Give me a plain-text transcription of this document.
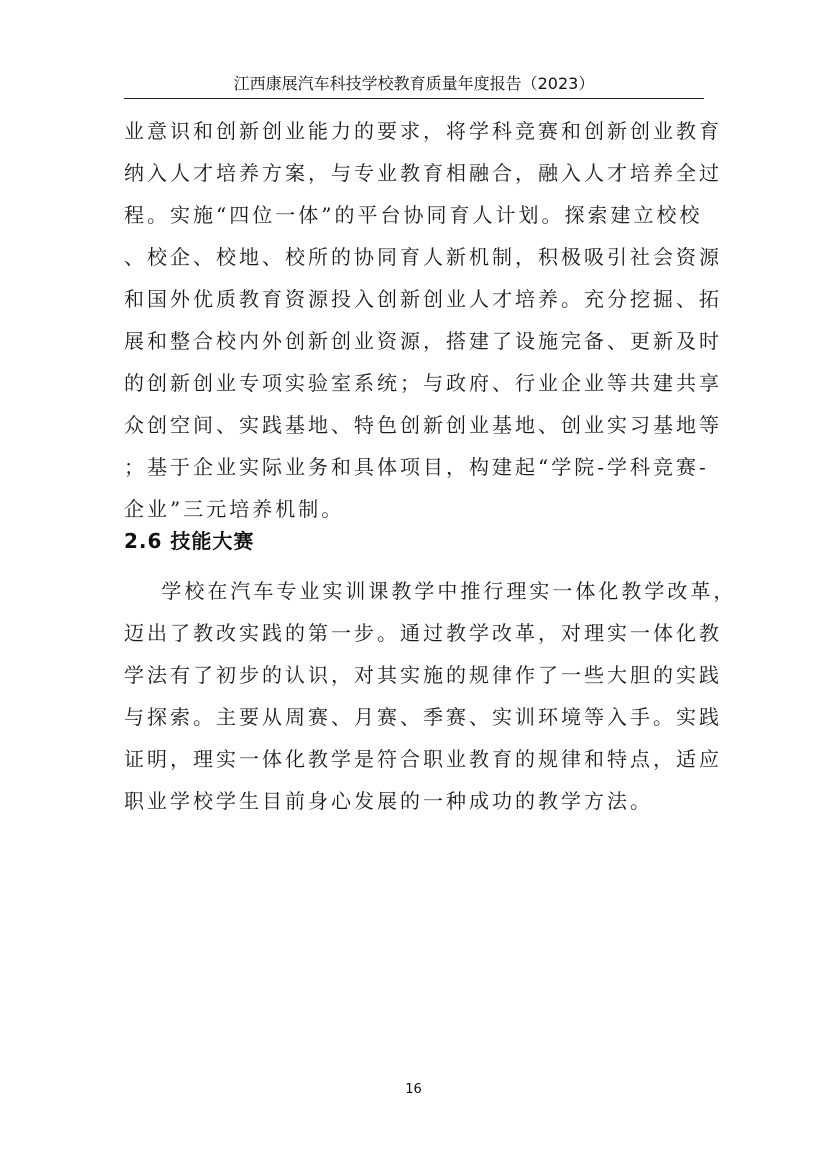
江西康展汽车科技学校教育质量年度报告（2023）
业意识和创新创业能力的要求，将学科竞赛和创新创业教育
纳入人才培养方案，与专业教育相融合，融入人才培养全过
程。实施“四位一体”的平台协同育人计划。探索建立校校
、校企、校地、校所的协同育人新机制，积极吸引社会资源
和国外优质教育资源投入创新创业人才培养。充分挖掘、拓
展和整合校内外创新创业资源，搭建了设施完备、更新及时
的创新创业专项实验室系统；与政府、行业企业等共建共享
众创空间、实践基地、特色创新创业基地、创业实习基地等
；基于企业实际业务和具体项目，构建起“学院-学科竞赛-
企业”三元培养机制。
2.6 技能大赛
学校在汽车专业实训课教学中推行理实一体化教学改革，
迈出了教改实践的第一步。通过教学改革，对理实一体化教
学法有了初步的认识，对其实施的规律作了一些大胆的实践
与探索。主要从周赛、月赛、季赛、实训环境等入手。实践
证明，理实一体化教学是符合职业教育的规律和特点，适应
职业学校学生目前身心发展的一种成功的教学方法。
16
